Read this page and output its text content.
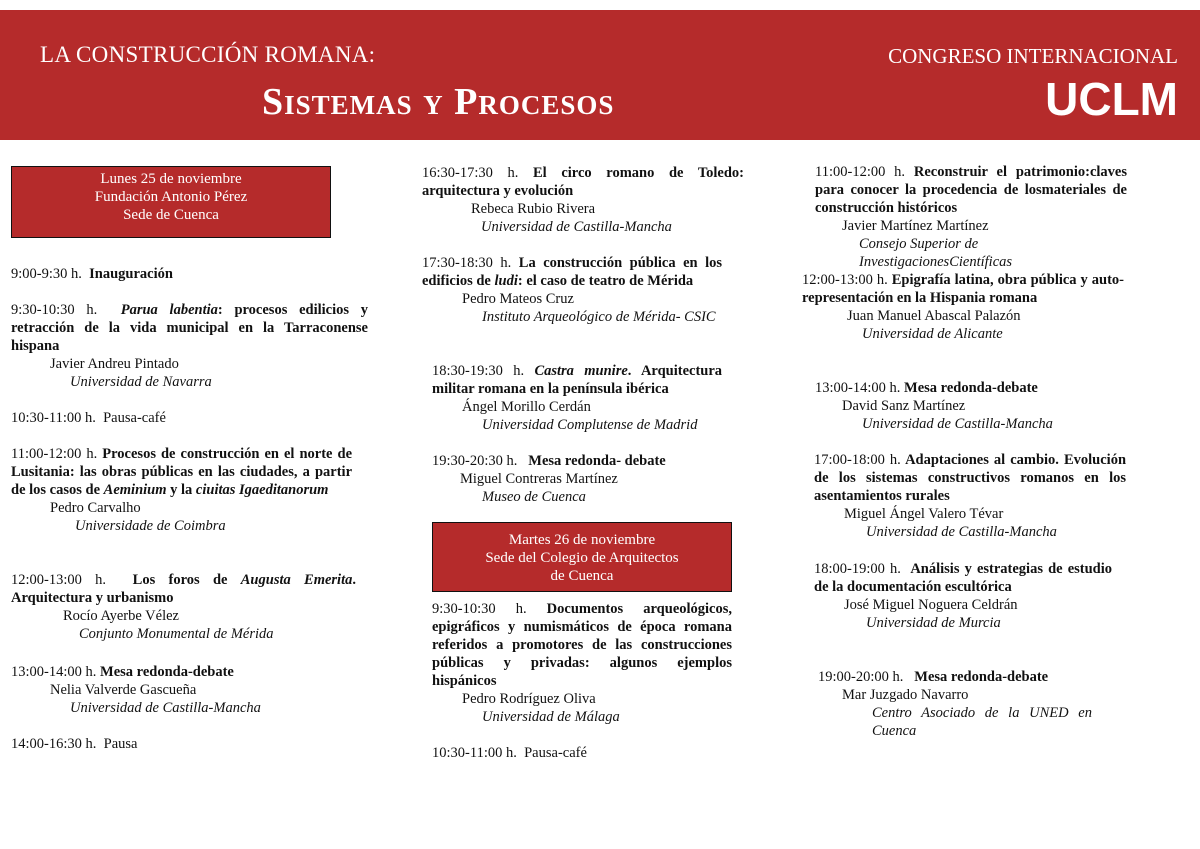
LA CONSTRUCCIÓN ROMANA:
Sistemas y Procesos
CONGRESO INTERNACIONAL
UCLM
Lunes 25 de noviembre
Fundación Antonio Pérez
Sede de Cuenca
9:00-9:30 h. Inauguración
9:30-10:30 h. Parua labentia: procesos edilicios y retracción de la vida municipal en la Tarraconense hispana
Javier Andreu Pintado
Universidad de Navarra
10:30-11:00 h. Pausa-café
11:00-12:00 h. Procesos de construcción en el norte de Lusitania: las obras públicas en las ciudades, a partir de los casos de Aeminium y la ciuitas Igaeditanorum
Pedro Carvalho
Universidade de Coimbra
12:00-13:00 h. Los foros de Augusta Emerita. Arquitectura y urbanismo
Rocío Ayerbe Vélez
Conjunto Monumental de Mérida
13:00-14:00 h. Mesa redonda-debate
Nelia Valverde Gascueña
Universidad de Castilla-Mancha
14:00-16:30 h. Pausa
16:30-17:30 h. El circo romano de Toledo: arquitectura y evolución
Rebeca Rubio Rivera
Universidad de Castilla-Mancha
17:30-18:30 h. La construcción pública en los edificios de ludi: el caso de teatro de Mérida
Pedro Mateos Cruz
Instituto Arqueológico de Mérida- CSIC
18:30-19:30 h. Castra munire. Arquitectura militar romana en la península ibérica
Ángel Morillo Cerdán
Universidad Complutense de Madrid
19:30-20:30 h. Mesa redonda- debate
Miguel Contreras Martínez
Museo de Cuenca
Martes 26 de noviembre
Sede del Colegio de Arquitectos
de Cuenca
9:30-10:30 h. Documentos arqueológicos, epigráficos y numismáticos de época romana referidos a promotores de las construcciones públicas y privadas: algunos ejemplos hispánicos
Pedro Rodríguez Oliva
Universidad de Málaga
10:30-11:00 h. Pausa-café
11:00-12:00 h. Reconstruir el patrimonio:claves para conocer la procedencia de losmateriales de construcción históricos
Javier Martínez Martínez
Consejo Superior de InvestigacionesCientíficas
12:00-13:00 h. Epigrafía latina, obra pública y auto-representación en la Hispania romana
Juan Manuel Abascal Palazón
Universidad de Alicante
13:00-14:00 h. Mesa redonda-debate
David Sanz Martínez
Universidad de Castilla-Mancha
17:00-18:00 h. Adaptaciones al cambio. Evolución de los sistemas constructivos romanos en los asentamientos rurales
Miguel Ángel Valero Tévar
Universidad de Castilla-Mancha
18:00-19:00 h. Análisis y estrategias de estudio de la documentación escultórica
José Miguel Noguera Celdrán
Universidad de Murcia
19:00-20:00 h. Mesa redonda-debate
Mar Juzgado Navarro
Centro Asociado de la UNED en Cuenca
